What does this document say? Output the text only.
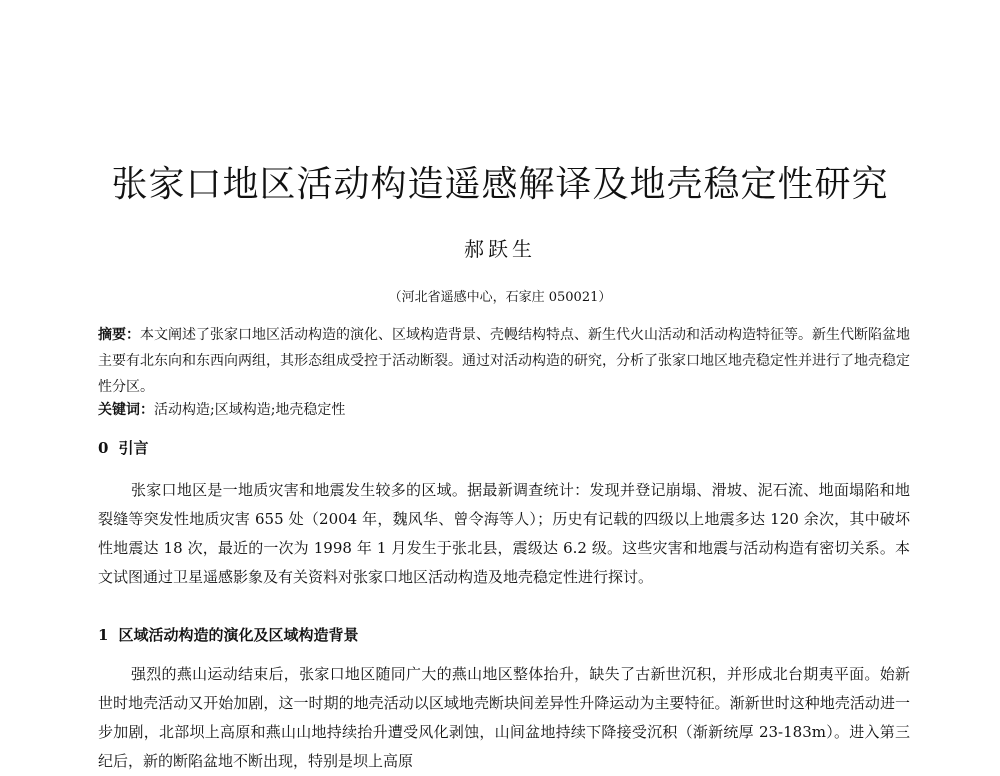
张家口地区活动构造遥感解译及地壳稳定性研究
郝跃生
（河北省遥感中心，石家庄 050021）
摘要：本文阐述了张家口地区活动构造的演化、区域构造背景、壳幔结构特点、新生代火山活动和活动构造特征等。新生代断陷盆地主要有北东向和东西向两组，其形态组成受控于活动断裂。通过对活动构造的研究，分析了张家口地区地壳稳定性并进行了地壳稳定性分区。
关键词：活动构造;区域构造;地壳稳定性
0 引言
张家口地区是一地质灾害和地震发生较多的区域。据最新调查统计：发现并登记崩塌、滑坡、泥石流、地面塌陷和地裂缝等突发性地质灾害 655 处（2004 年，魏风华、曾令海等人）；历史有记载的四级以上地震多达 120 余次，其中破坏性地震达 18 次，最近的一次为 1998 年 1 月发生于张北县，震级达 6.2 级。这些灾害和地震与活动构造有密切关系。本文试图通过卫星遥感影象及有关资料对张家口地区活动构造及地壳稳定性进行探讨。
1 区域活动构造的演化及区域构造背景
强烈的燕山运动结束后，张家口地区随同广大的燕山地区整体抬升，缺失了古新世沉积，并形成北台期夷平面。始新世时地壳活动又开始加剧，这一时期的地壳活动以区域地壳断块间差异性升降运动为主要特征。渐新世时这种地壳活动进一步加剧，北部坝上高原和燕山山地持续抬升遭受风化剥蚀，山间盆地持续下降接受沉积（渐新统厚 23-183m）。进入第三纪后，新的断陷盆地不断出现，特别是坝上高原
